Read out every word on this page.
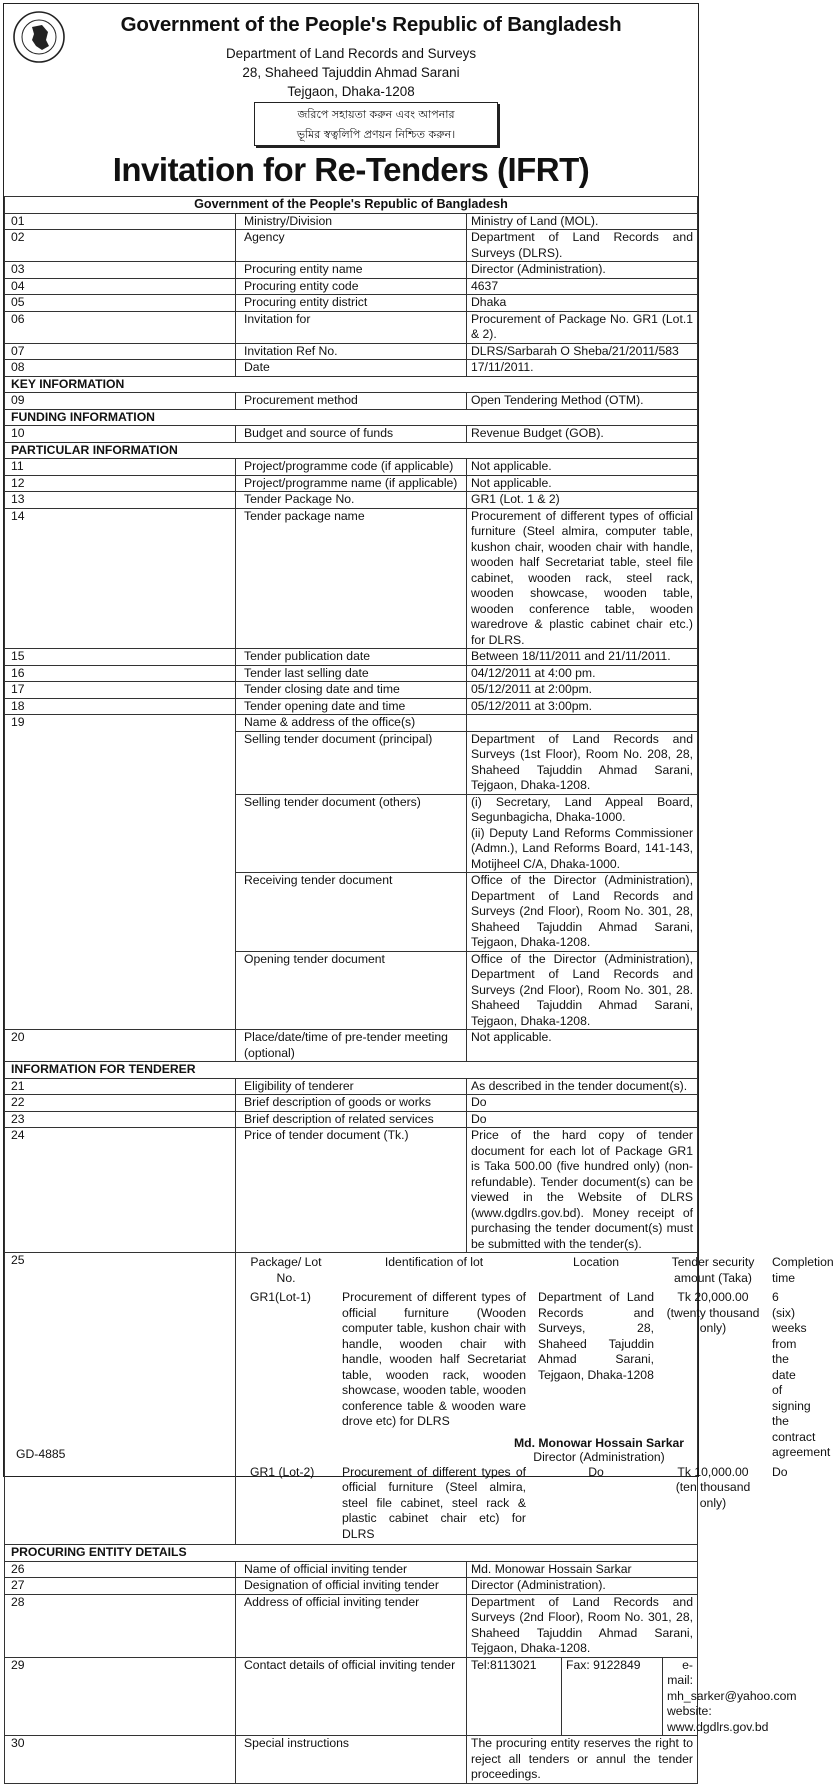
Government of the People's Republic of Bangladesh
Department of Land Records and Surveys
28, Shaheed Tajuddin Ahmad Sarani
Tejgaon, Dhaka-1208
জরিপে সহায়তা করুন এবং আপনার
ভূমির স্বত্বলিপি প্রণয়ন নিশ্চিত করুন।
Invitation for Re-Tenders (IFRT)
Government of the People's Republic of Bangladesh
01	Ministry/Division	Ministry of Land (MOL).
02	Agency	Department of Land Records and Surveys (DLRS).
03	Procuring entity name	Director (Administration).
04	Procuring entity code	4637
05	Procuring entity district	Dhaka
06	Invitation for	Procurement of Package No. GR1 (Lot.1 & 2).
07	Invitation Ref No.	DLRS/Sarbarah O Sheba/21/2011/583
08	Date	17/11/2011.
KEY INFORMATION
09	Procurement method	Open Tendering Method (OTM).
FUNDING INFORMATION
10	Budget and source of funds	Revenue Budget (GOB).
PARTICULAR INFORMATION
11	Project/programme code (if applicable)	Not applicable.
12	Project/programme name (if applicable)	Not applicable.
13	Tender Package No.	GR1 (Lot. 1 & 2)
14	Tender package name	Procurement of different types of official furniture (Steel almira, computer table, kushon chair, wooden chair with handle, wooden half Secretariat table, steel file cabinet, wooden rack, steel rack, wooden showcase, wooden table, wooden conference table, wooden waredrove & plastic cabinet chair etc.) for DLRS.
15	Tender publication date	Between 18/11/2011 and 21/11/2011.
16	Tender last selling date	04/12/2011 at 4:00 pm.
17	Tender closing date and time	05/12/2011 at 2:00pm.
18	Tender opening date and time	05/12/2011 at 3:00pm.
19	Name & address of the office(s)	
Selling tender document (principal)	Department of Land Records and Surveys (1st Floor), Room No. 208, 28, Shaheed Tajuddin Ahmad Sarani, Tejgaon, Dhaka-1208.

Selling tender document (others)	(i) Secretary, Land Appeal Board, Segunbagicha, Dhaka-1000.
(ii) Deputy Land Reforms Commissioner (Admn.), Land Reforms Board, 141-143, Motijheel C/A, Dhaka-1000.

Receiving tender document	Office of the Director (Administration), Department of Land Records and Surveys (2nd Floor), Room No. 301, 28, Shaheed Tajuddin Ahmad Sarani, Tejgaon, Dhaka-1208.

Opening tender document	Office of the Director (Administration), Department of Land Records and Surveys (2nd Floor), Room No. 301, 28. Shaheed Tajuddin Ahmad Sarani, Tejgaon, Dhaka-1208.

20	Place/date/time of pre-tender meeting (optional)	Not applicable.
INFORMATION FOR TENDERER
21	Eligibility of tenderer	As described in the tender document(s).
22	Brief description of goods or works	Do
23	Brief description of related services	Do
24	Price of tender document (Tk.)	Price of the hard copy of tender document for each lot of Package GR1 is Taka 500.00 (five hundred only) (non-refundable). Tender document(s) can be viewed in the Website of DLRS (www.dgdlrs.gov.bd). Money receipt of purchasing the tender document(s) must be submitted with the tender(s).
25		Package/ Lot No.	Identification of lot	Location	Tender security amount (Taka)	Completion time
GR1(Lot-1)	Procurement of different types of official furniture (Wooden computer table, kushon chair with handle, wooden chair with handle, wooden half Secretariat table, wooden rack, wooden showcase, wooden table, wooden conference table & wooden ware drove etc) for DLRS	Department of Land Records and Surveys, 28, Shaheed Tajuddin Ahmad Sarani, Tejgaon, Dhaka-1208	Tk 20,000.00 (twenty thousand only)	6 (six) weeks from the date of signing the contract agreement
GR1 (Lot-2)	Procurement of different types of official furniture (Steel almira, steel file cabinet, steel rack & plastic cabinet chair etc) for DLRS	Do	Tk 10,000.00 (ten thousand only)	Do

PROCURING ENTITY DETAILS
26	Name of official inviting tender	Md. Monowar Hossain Sarkar
27	Designation of official inviting tender	Director (Administration).
28	Address of official inviting tender	Department of Land Records and Surveys (2nd Floor), Room No. 301, 28, Shaheed Tajuddin Ahmad Sarani, Tejgaon, Dhaka-1208.
29	Contact details of official inviting tender	Tel:8113021	Fax: 9122849	e-mail: mh_sarker@yahoo.com
website: www.dgdlrs.gov.bd

30	Special instructions	The procuring entity reserves the right to reject all tenders or annul the tender proceedings.
GD-4885
Md. Monowar Hossain Sarkar
Director (Administration)
